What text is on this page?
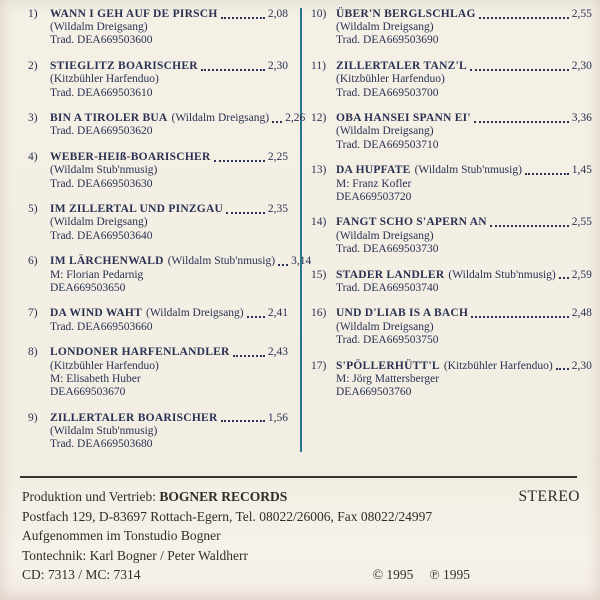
1)	WANN I GEH AUF DE PIRSCH	2,08
(Wildalm Dreigsang)
Trad. DEA669503600
2)	STIEGLITZ BOARISCHER	2,30
(Kitzbühler Harfenduo)
Trad. DEA669503610
3)	BIN A TIROLER BUA (Wildalm Dreigsang) 2,26
Trad. DEA669503620
4)	WEBER-HEIß-BOARISCHER	2,25
(Wildalm Stub'nmusig)
Trad. DEA669503630
5)	IM ZILLERTAL UND PINZGAU	2,35
(Wildalm Dreigsang)
Trad. DEA669503640
6)	IM LÄRCHENWALD (Wildalm Stub'nmusig) 3,14
M: Florian Pedarnig
DEA669503650
7)	DA WIND WAHT (Wildalm Dreigsang) 2,41
Trad. DEA669503660
8)	LONDONER HARFENLANDLER	2,43
(Kitzbühler Harfenduo)
M: Elisabeth Huber
DEA669503670
9)	ZILLERTALER BOARISCHER	1,56
(Wildalm Stub'nmusig)
Trad. DEA669503680
10) ÜBER'N BERGLSCHLAG	2,55
(Wildalm Dreigsang)
Trad. DEA669503690
11) ZILLERTALER TANZ'L	2,30
(Kitzbühler Harfenduo)
Trad. DEA669503700
12) OBA HANSEI SPANN EI'	3,36
(Wildalm Dreigsang)
Trad. DEA669503710
13) DA HUPFATE (Wildalm Stub'nmusig)	1,45
M: Franz Kofler
DEA669503720
14) FANGT SCHO S'APERN AN	2,55
(Wildalm Dreigsang)
Trad. DEA669503730
15) STADER LANDLER (Wildalm Stub'nmusig) 2,59
Trad. DEA669503740
16) UND D'LIAB IS A BACH	2,48
(Wildalm Dreigsang)
Trad. DEA669503750
17) S'PÖLLERHÜTT'L (Kitzbühler Harfenduo) 2,30
M: Jörg Mattersberger
DEA669503760
Produktion und Vertrieb: BOGNER RECORDS	STEREO
Postfach 129, D-83697 Rottach-Egern, Tel. 08022/26006, Fax 08022/24997
Aufgenommen im Tonstudio Bogner
Tontechnik: Karl Bogner / Peter Waldherr
CD: 7313 / MC: 7314	© 1995 ℗ 1995
